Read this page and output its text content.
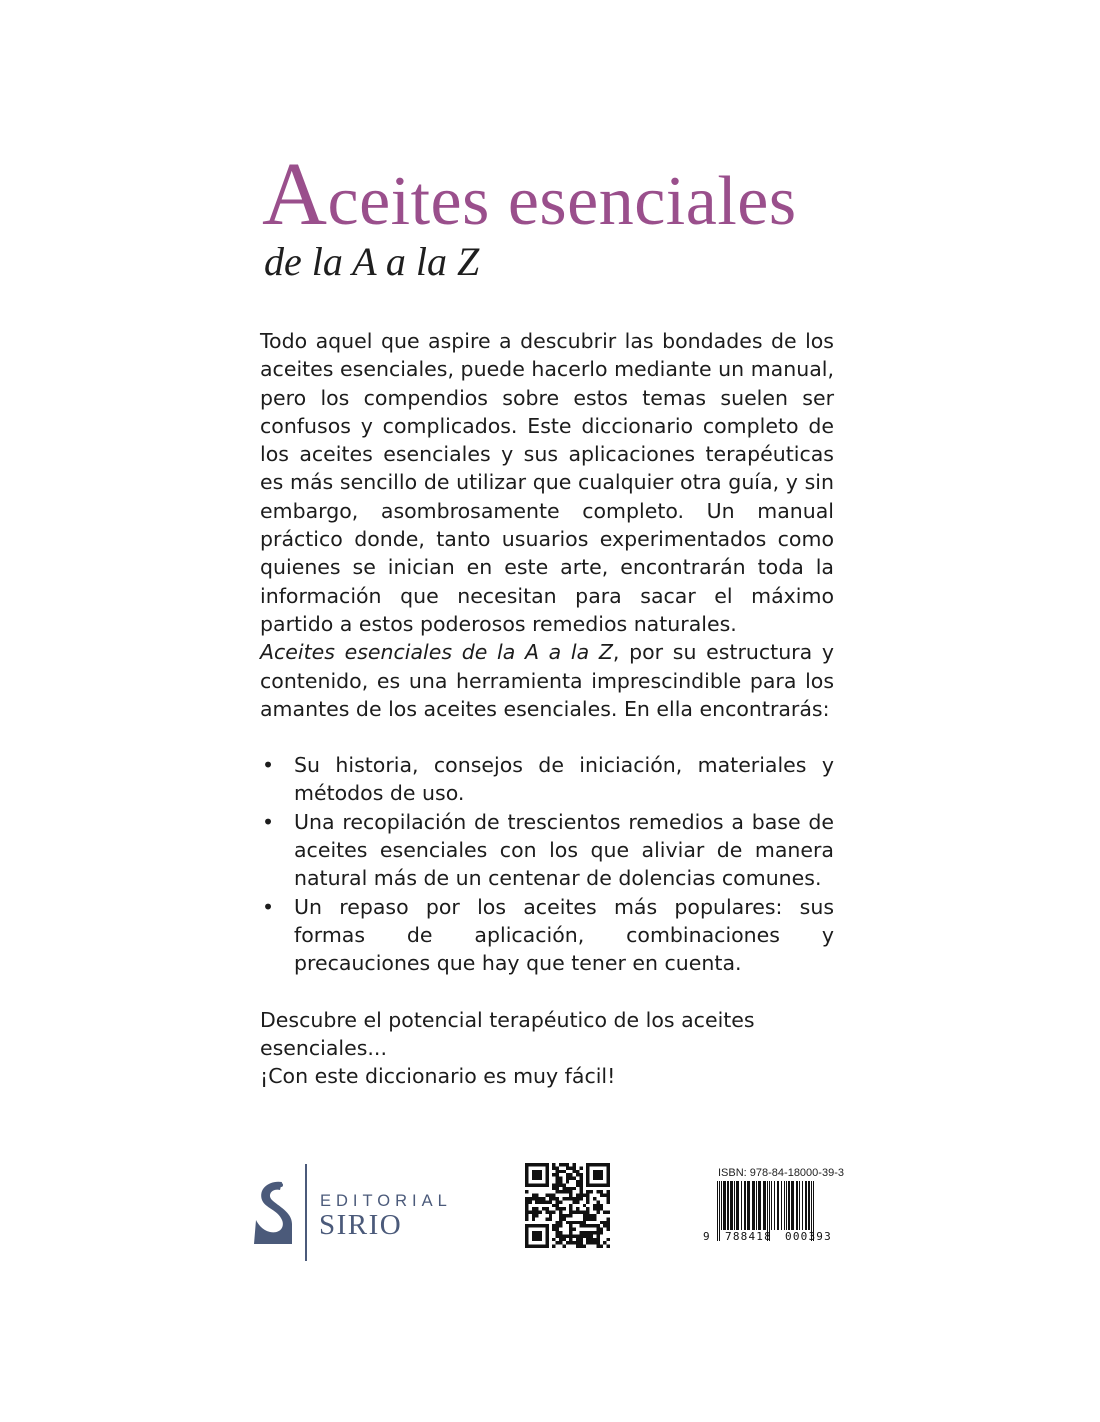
Aceites esenciales
de la A a la Z

Todo aquel que aspire a descubrir las bondades de los aceites esenciales, puede hacerlo mediante un manual, pero los compendios sobre estos temas suelen ser confusos y complicados. Este diccionario completo de los aceites esenciales y sus aplicaciones terapéuticas es más sencillo de utilizar que cualquier otra guía, y sin embargo, asombrosamente completo. Un manual práctico donde, tanto usuarios experimentados como quienes se inician en este arte, encontrarán toda la información que necesitan para sacar el máximo partido a estos poderosos remedios naturales.

Aceites esenciales de la A a la Z, por su estructura y contenido, es una herramienta imprescindible para los amantes de los aceites esenciales. En ella encontrarás:

• Su historia, consejos de iniciación, materiales y métodos de uso.
• Una recopilación de trescientos remedios a base de aceites esenciales con los que aliviar de manera natural más de un centenar de dolencias comunes.
• Un repaso por los aceites más populares: sus formas de aplicación, combinaciones y precauciones que hay que tener en cuenta.

Descubre el potencial terapéutico de los aceites esenciales...
¡Con este diccionario es muy fácil!

EDITORIAL
SIRIO
ISBN: 978-84-18000-39-3
9 788418 000393
